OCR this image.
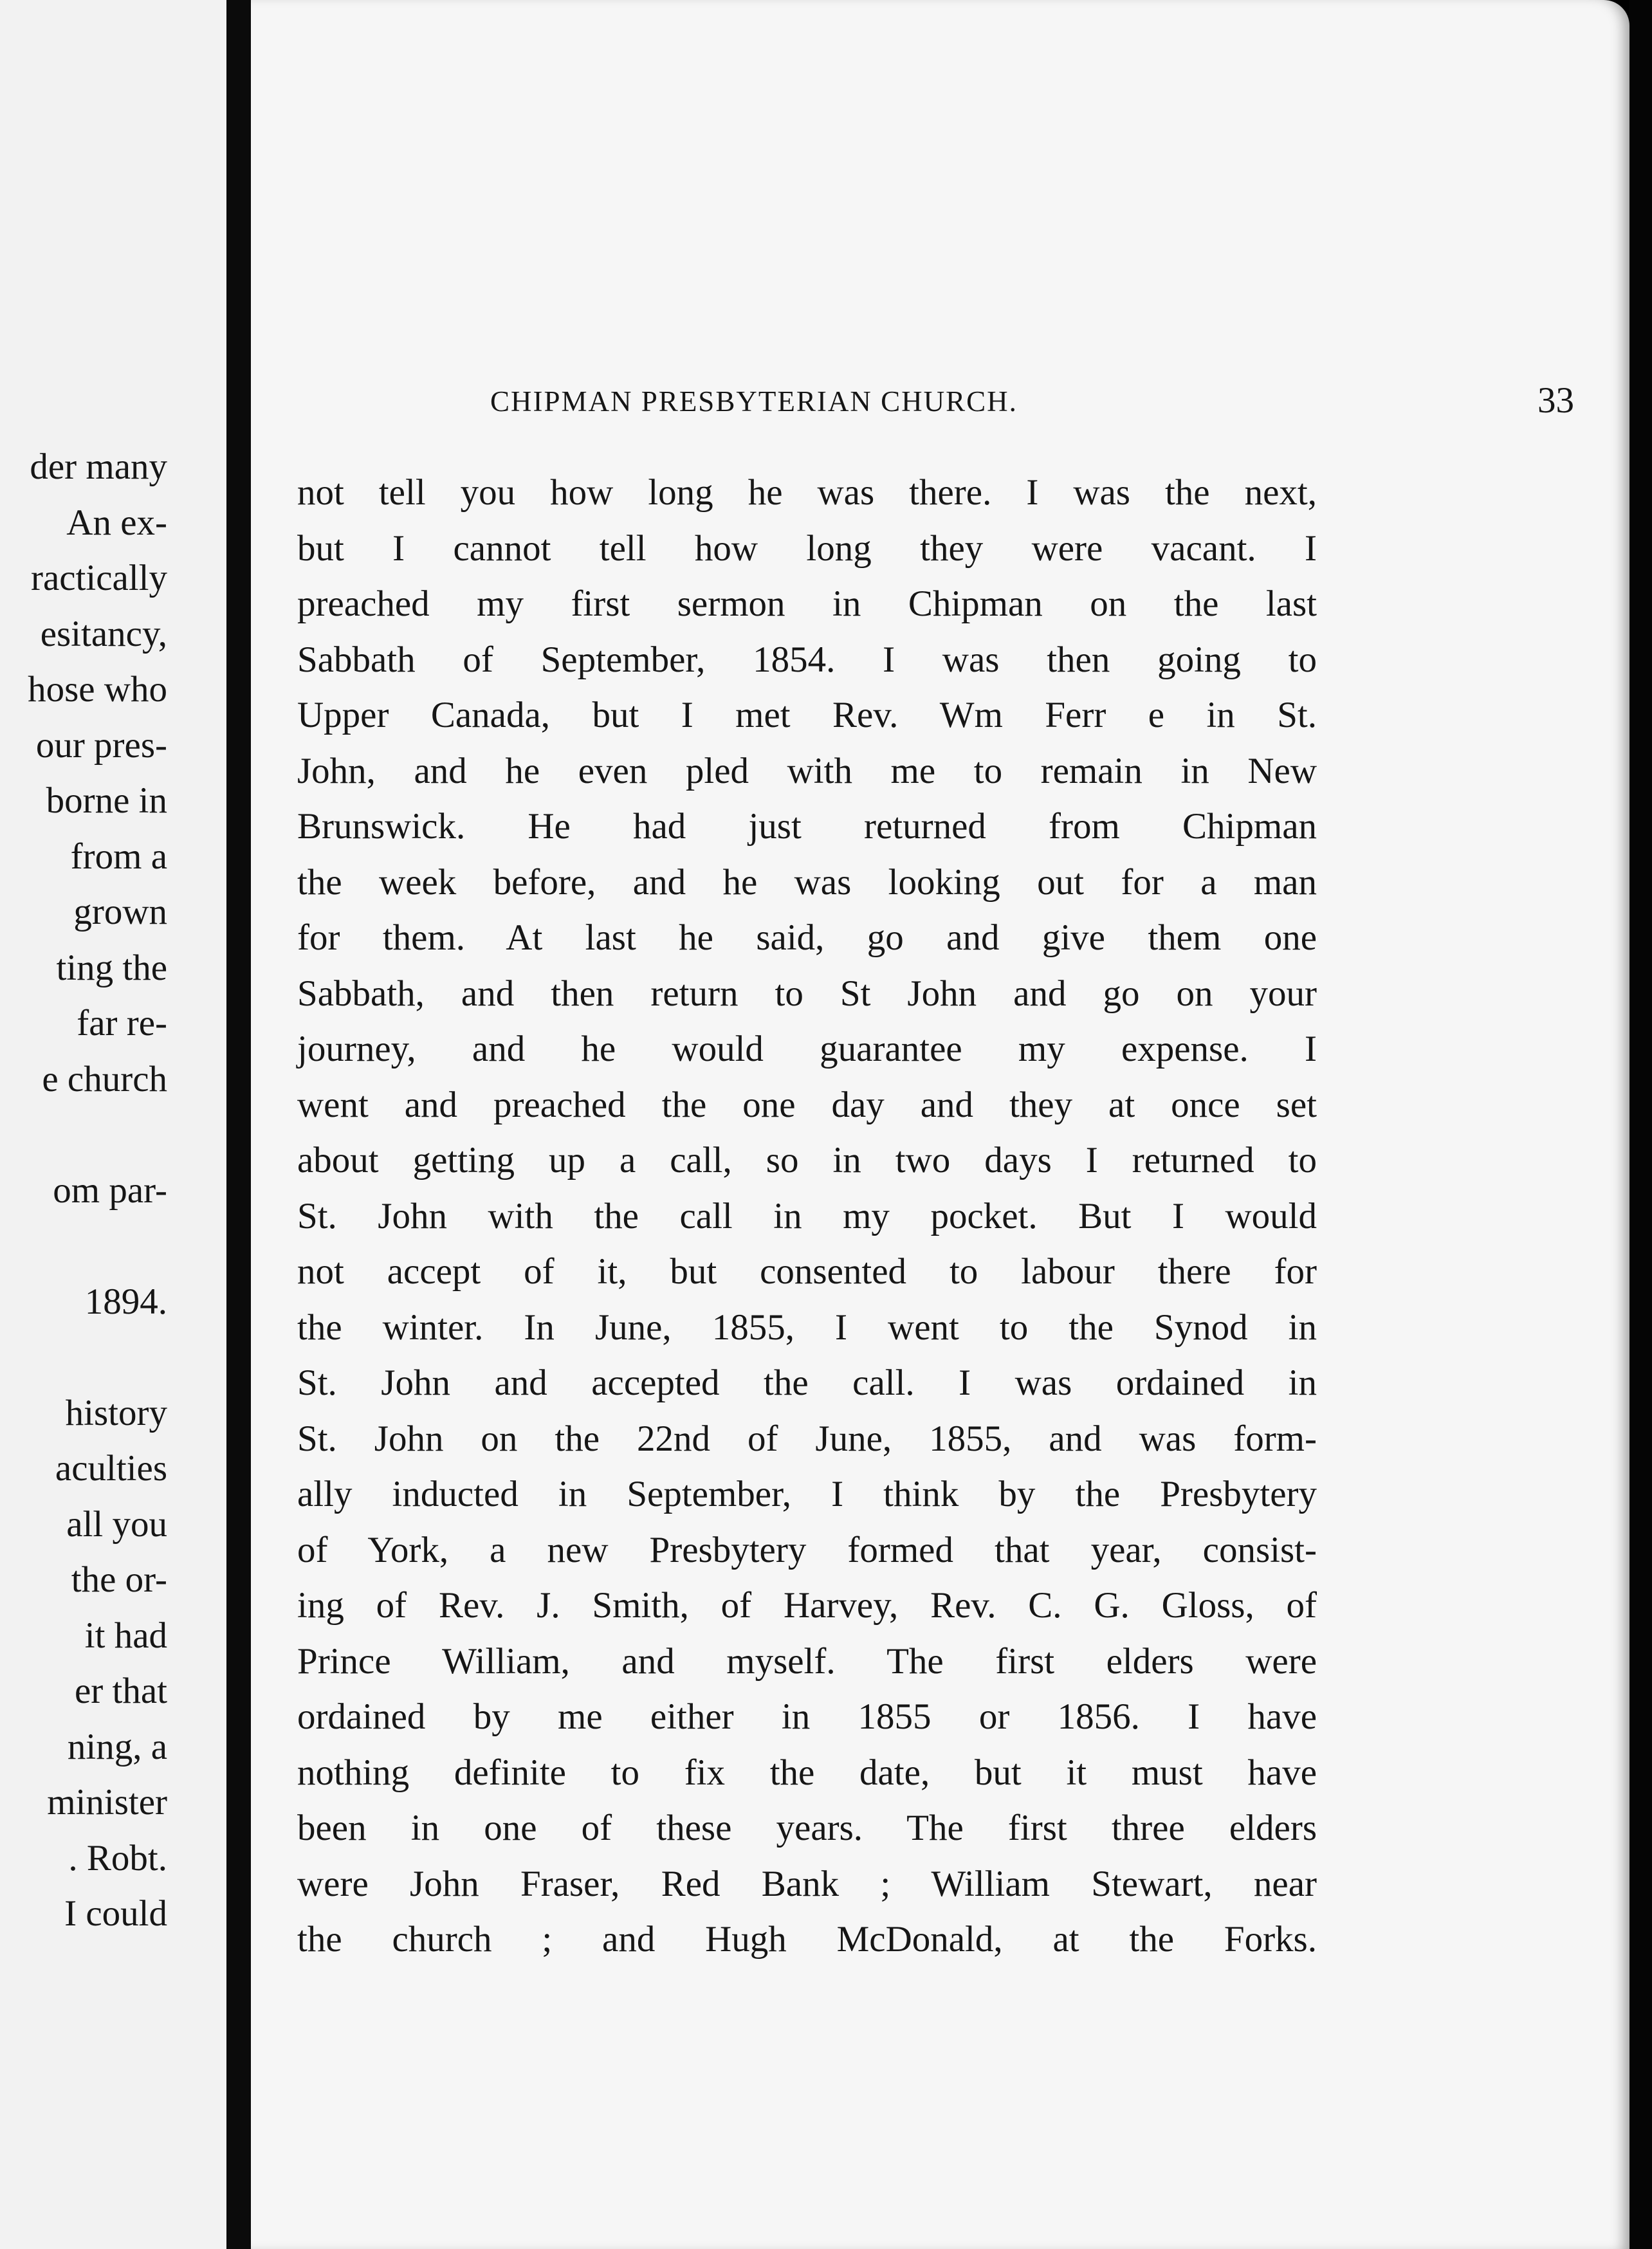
der many
An ex-
ractically
esitancy,
hose who
our pres-
borne in
from a
grown
ting the
far re-
e church
om par-
1894.
history
aculties
all you
the or-
it had
er that
ning, a
minister
. Robt.
I could
CHIPMAN PRESBYTERIAN CHURCH.	33
not tell you how long he was there. I was the next,
but I cannot tell how long they were vacant. I
preached my first sermon in Chipman on the last
Sabbath of September, 1854. I was then going to
Upper Canada, but I met Rev. Wm Ferr e in St.
John, and he even pled with me to remain in New
Brunswick. He had just returned from Chipman
the week before, and he was looking out for a man
for them. At last he said, go and give them one
Sabbath, and then return to St John and go on your
journey, and he would guarantee my expense. I
went and preached the one day and they at once set
about getting up a call, so in two days I returned to
St. John with the call in my pocket. But I would
not accept of it, but consented to labour there for
the winter. In June, 1855, I went to the Synod in
St. John and accepted the call. I was ordained in
St. John on the 22nd of June, 1855, and was form-
ally inducted in September, I think by the Presbytery
of York, a new Presbytery formed that year, consist-
ing of Rev. J. Smith, of Harvey, Rev. C. G. Gloss, of
Prince William, and myself. The first elders were
ordained by me either in 1855 or 1856. I have
nothing definite to fix the date, but it must have
been in one of these years. The first three elders
were John Fraser, Red Bank ; William Stewart, near
the church ; and Hugh McDonald, at the Forks.
